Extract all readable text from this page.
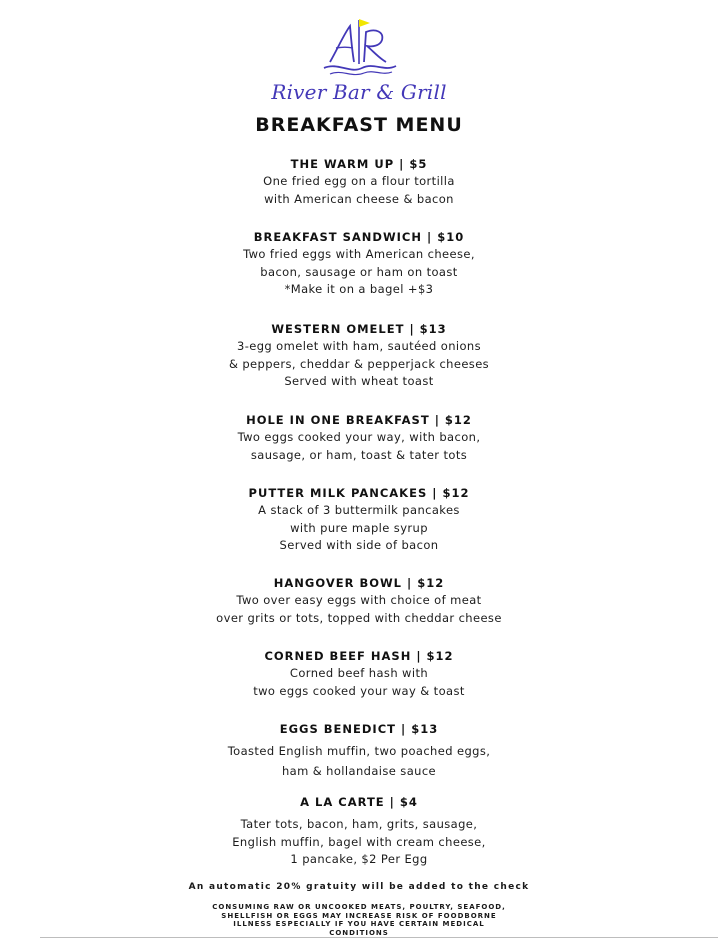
River Bar & Grill
BREAKFAST MENU
THE WARM UP | $5
One fried egg on a flour tortilla
with American cheese & bacon
BREAKFAST SANDWICH | $10
Two fried eggs with American cheese,
bacon, sausage or ham on toast
*Make it on a bagel +$3
WESTERN OMELET | $13
3-egg omelet with ham, sautéed onions
& peppers, cheddar & pepperjack cheeses
Served with wheat toast
HOLE IN ONE BREAKFAST | $12
Two eggs cooked your way, with bacon,
sausage, or ham, toast & tater tots
PUTTER MILK PANCAKES | $12
A stack of 3 buttermilk pancakes
with pure maple syrup
Served with side of bacon
HANGOVER BOWL | $12
Two over easy eggs with choice of meat
over grits or tots, topped with cheddar cheese
CORNED BEEF HASH | $12
Corned beef hash with
two eggs cooked your way & toast
EGGS BENEDICT | $13
Toasted English muffin, two poached eggs,
ham & hollandaise sauce
A LA CARTE | $4
Tater tots, bacon, ham, grits, sausage,
English muffin, bagel with cream cheese,
1 pancake, $2 Per Egg
An automatic 20% gratuity will be added to the check
CONSUMING RAW OR UNCOOKED MEATS, POULTRY, SEAFOOD,
SHELLFISH OR EGGS MAY INCREASE RISK OF FOODBORNE
ILLNESS ESPECIALLY IF YOU HAVE CERTAIN MEDICAL
CONDITIONS
